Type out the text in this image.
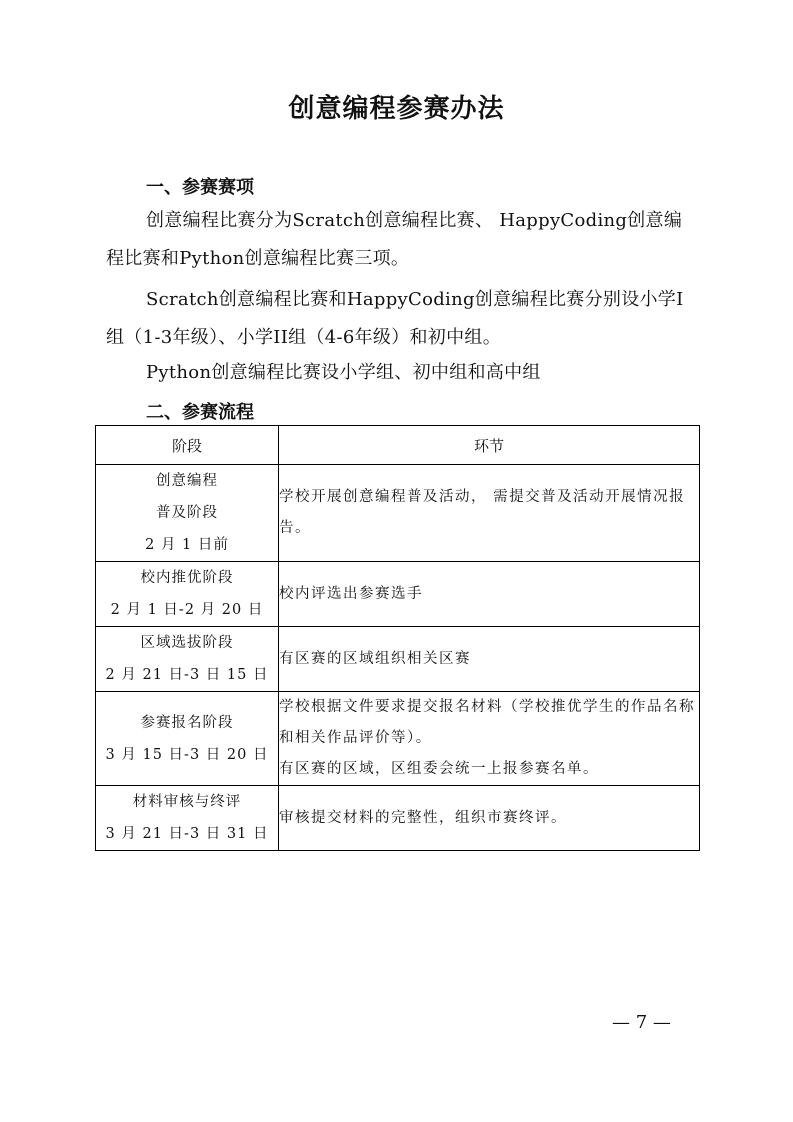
创意编程参赛办法
一、参赛赛项
创意编程比赛分为Scratch创意编程比赛、 HappyCoding创意编程比赛和Python创意编程比赛三项。
Scratch创意编程比赛和HappyCoding创意编程比赛分别设小学I组（1-3年级）、小学II组（4-6年级）和初中组。
Python创意编程比赛设小学组、初中组和高中组
二、参赛流程
阶段	环节

创意编程
普及阶段
2 月 1 日前	学校开展创意编程普及活动， 需提交普及活动开展情况报告。

校内推优阶段
2 月 1 日-2 月 20 日	校内评选出参赛选手

区域选拔阶段
2 月 21 日-3 日 15 日	有区赛的区域组织相关区赛

参赛报名阶段
3 月 15 日-3 日 20 日	学校根据文件要求提交报名材料（学校推优学生的作品名称和相关作品评价等）。
有区赛的区域，区组委会统一上报参赛名单。

材料审核与终评
3 月 21 日-3 日 31 日	审核提交材料的完整性，组织市赛终评。
— 7 —
